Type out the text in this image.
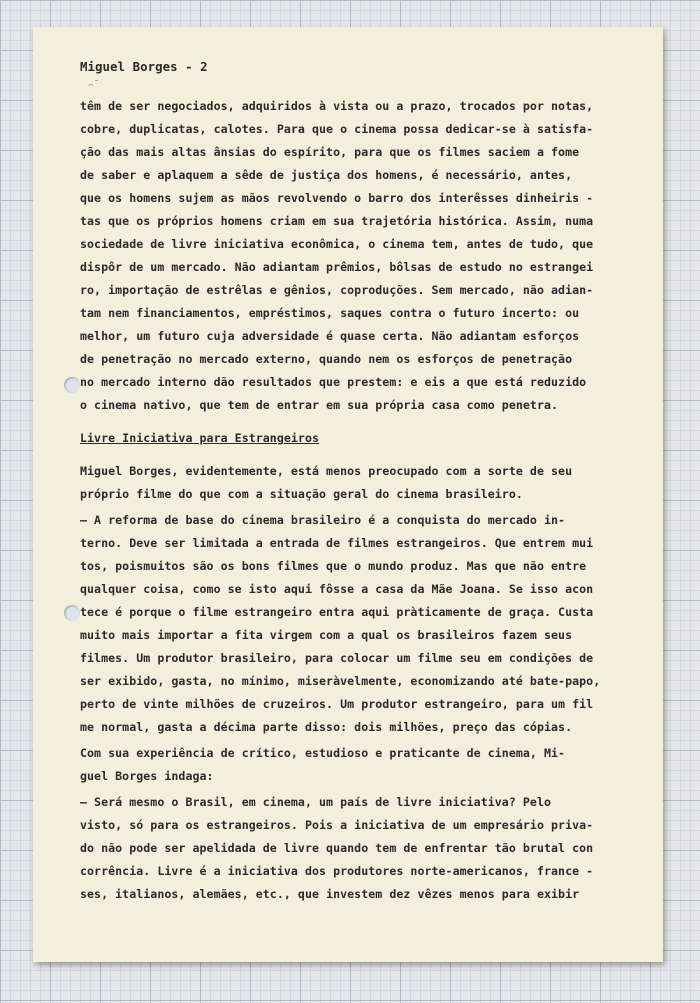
Miguel Borges - 2

⌢˜

têm de ser negociados, adquiridos à vista ou a prazo, trocados por notas,

cobre, duplicatas, calotes. Para que o cinema possa dedicar-se à satisfa-

ção das mais altas ânsias do espírito, para que os filmes saciem a fome

de saber e aplaquem a sêde de justiça dos homens, é necessário, antes,

que os homens sujem as mãos revolvendo o barro dos interêsses dinheiris -

tas que os próprios homens criam em sua trajetória histórica. Assim, numa

sociedade de livre iniciativa econômica, o cinema tem, antes de tudo, que

dispôr de um mercado. Não adiantam prêmios, bôlsas de estudo no estrangei

ro, importação de estrêlas e gênios, coproduções. Sem mercado, não adian-

tam nem financiamentos, empréstimos, saques contra o futuro incerto: ou

melhor, um futuro cuja adversidade é quase certa. Não adiantam esforços

de penetração no mercado externo, quando nem os esforços de penetração

no mercado interno dão resultados que prestem: e eis a que está reduzido

o cinema nativo, que tem de entrar em sua própria casa como penetra.

Livre Iniciativa para Estrangeiros

Miguel Borges, evidentemente, está menos preocupado com a sorte de seu

próprio filme do que com a situação geral do cinema brasileiro.

— A reforma de base do cinema brasileiro é a conquista do mercado in-

terno. Deve ser limitada a entrada de filmes estrangeiros. Que entrem mui

tos, poismuitos são os bons filmes que o mundo produz. Mas que não entre

qualquer coisa, como se isto aqui fôsse a casa da Mãe Joana. Se isso acon

tece é porque o filme estrangeiro entra aqui pràticamente de graça. Custa

muito mais importar a fita virgem com a qual os brasileiros fazem seus

filmes. Um produtor brasileiro, para colocar um filme seu em condições de

ser exibido, gasta, no mínimo, miseràvelmente, economizando até bate-papo,

perto de vinte milhões de cruzeiros. Um produtor estrangeiro, para um fil

me normal, gasta a décima parte disso: dois milhões, preço das cópias.

Com sua experiência de crítico, estudioso e praticante de cinema, Mi-

guel Borges indaga:

— Será mesmo o Brasil, em cinema, um país de livre iniciativa? Pelo

visto, só para os estrangeiros. Pois a iniciativa de um empresário priva-

do não pode ser apelidada de livre quando tem de enfrentar tão brutal con

corrência. Livre é a iniciativa dos produtores norte-americanos, france -

ses, italianos, alemães, etc., que investem dez vêzes menos para exibir
